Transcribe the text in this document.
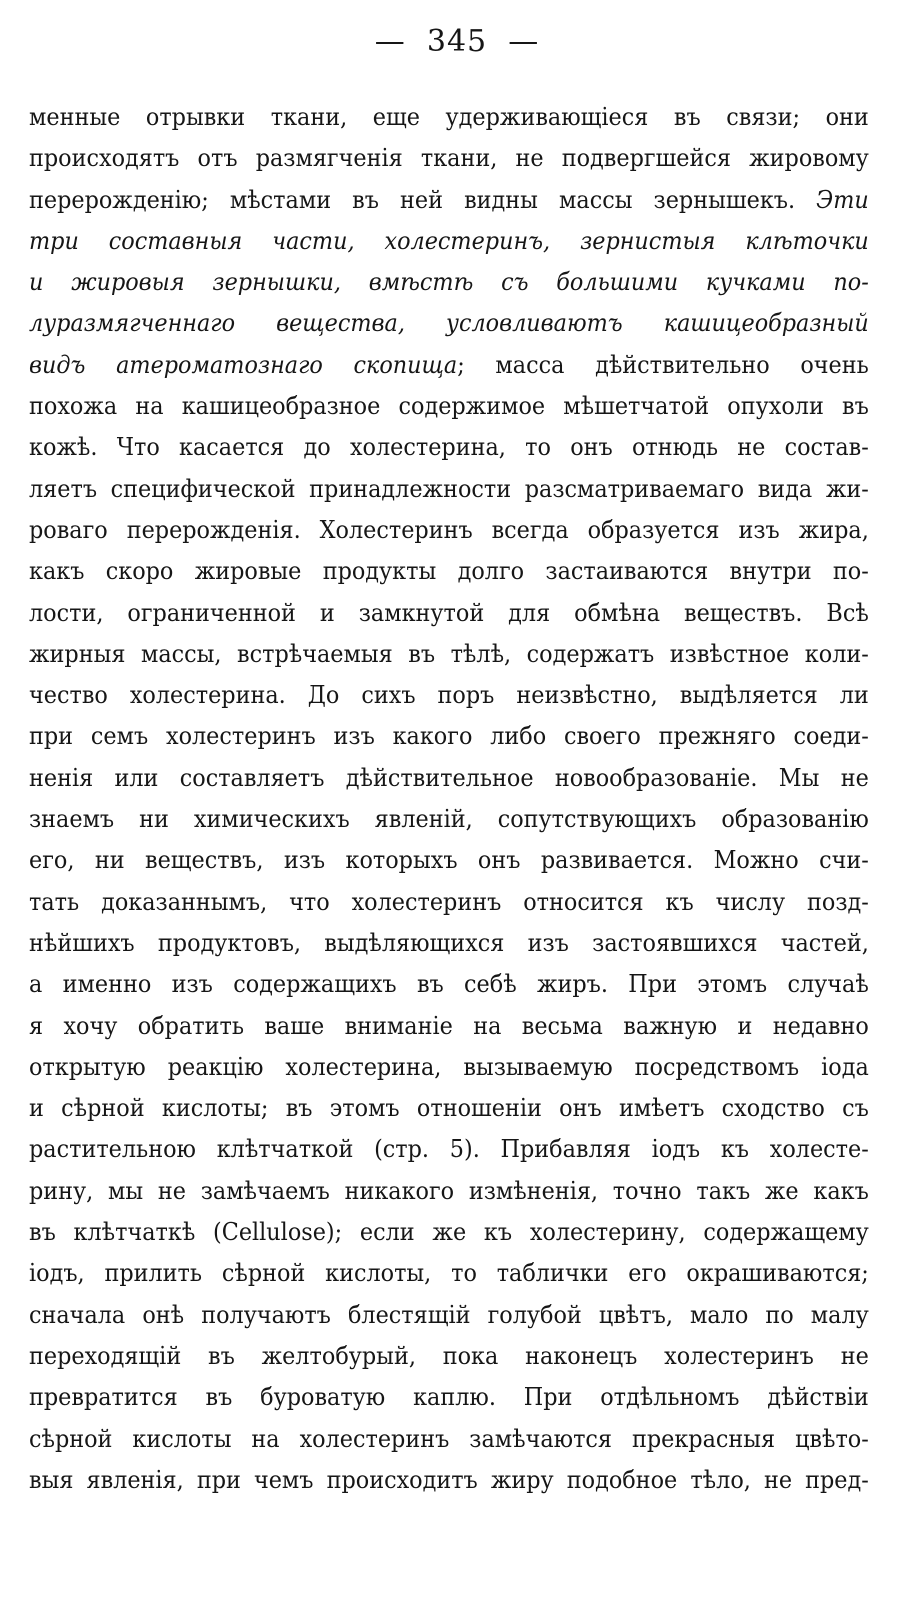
—  345  —
менные отрывки ткани, еще удерживающіеся въ связи; они
происходятъ отъ размягченія ткани, не подвергшейся жировому
перерожденію; мѣстами въ ней видны массы зернышекъ. Эти
три составныя части, холестеринъ, зернистыя клѣточки
и жировыя зернышки, вмѣстѣ съ большими кучками по-
луразмягченнаго вещества, условливаютъ кашицеобразный
видъ атероматознаго скопища; масса дѣйствительно очень
похожа на кашицеобразное содержимое мѣшетчатой опухоли въ
кожѣ. Что касается до холестерина, то онъ отнюдь не состав-
ляетъ специфической принадлежности разсматриваемаго вида жи-
роваго перерожденія. Холестеринъ всегда образуется изъ жира,
какъ скоро жировые продукты долго застаиваются внутри по-
лости, ограниченной и замкнутой для обмѣна веществъ. Всѣ
жирныя массы, встрѣчаемыя въ тѣлѣ, содержатъ извѣстное коли-
чество холестерина. До сихъ поръ неизвѣстно, выдѣляется ли
при семъ холестеринъ изъ какого либо своего прежняго соеди-
ненія или составляетъ дѣйствительное новообразованіе. Мы не
знаемъ ни химическихъ явленій, сопутствующихъ образованію
его, ни веществъ, изъ которыхъ онъ развивается. Можно счи-
тать доказаннымъ, что холестеринъ относится къ числу позд-
нѣйшихъ продуктовъ, выдѣляющихся изъ застоявшихся частей,
а именно изъ содержащихъ въ себѣ жиръ. При этомъ случаѣ
я хочу обратить ваше вниманіе на весьма важную и недавно
открытую реакцію холестерина, вызываемую посредствомъ іода
и сѣрной кислоты; въ этомъ отношеніи онъ имѣетъ сходство съ
растительною клѣтчаткой (стр. 5). Прибавляя іодъ къ холесте-
рину, мы не замѣчаемъ никакого измѣненія, точно такъ же какъ
въ клѣтчаткѣ (Cellulose); если же къ холестерину, содержащему
іодъ, прилить сѣрной кислоты, то таблички его окрашиваются;
сначала онѣ получаютъ блестящій голубой цвѣтъ, мало по малу
переходящій въ желтобурый, пока наконецъ холестеринъ не
превратится въ буроватую каплю. При отдѣльномъ дѣйствіи
сѣрной кислоты на холестеринъ замѣчаются прекрасныя цвѣто-
выя явленія, при чемъ происходитъ жиру подобное тѣло, не пред-
